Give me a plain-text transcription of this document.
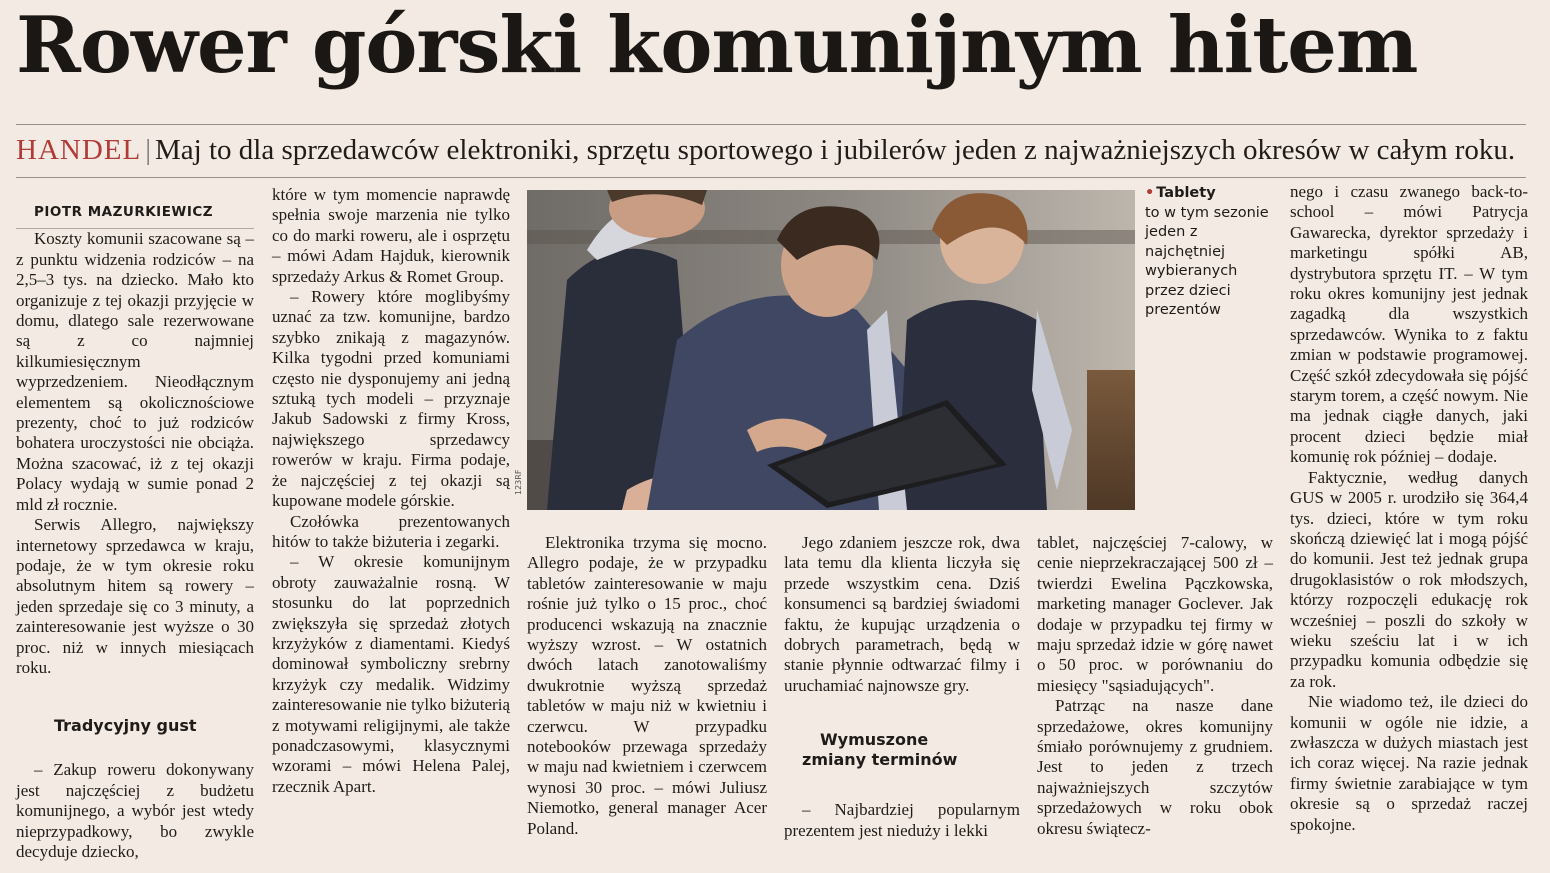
Rower górski komunijnym hitem
HANDEL | Maj to dla sprzedawców elektroniki, sprzętu sportowego i jubilerów jeden z najważniejszych okresów w całym roku.

PIOTR MAZURKIEWICZ

Koszty komunii szacowane są – z punktu widzenia rodziców – na 2,5–3 tys. na dziecko. Mało kto organizuje z tej okazji przyjęcie w domu, dlatego sale rezerwowane są z co najmniej kilkumiesięcznym wyprzedzeniem. Nieodłącznym elementem są okolicznościowe prezenty, choć to już rodziców bohatera uroczystości nie obciąża. Można szacować, iż z tej okazji Polacy wydają w sumie ponad 2 mld zł rocznie.

Serwis Allegro, największy internetowy sprzedawca w kraju, podaje, że w tym okresie roku absolutnym hitem są rowery – jeden sprzedaje się co 3 minuty, a zainteresowanie jest wyższe o 30 proc. niż w innych miesiącach roku.

Tradycyjny gust

– Zakup roweru dokonywany jest najczęściej z budżetu komunijnego, a wybór jest wtedy nieprzypadkowy, bo zwykle decyduje dziecko,

które w tym momencie naprawdę spełnia swoje marzenia nie tylko co do marki roweru, ale i osprzętu – mówi Adam Hajduk, kierownik sprzedaży Arkus & Romet Group.

– Rowery które moglibyśmy uznać za tzw. komunijne, bardzo szybko znikają z magazynów. Kilka tygodni przed komuniami często nie dysponujemy ani jedną sztuką tych modeli – przyznaje Jakub Sadowski z firmy Kross, największego sprzedawcy rowerów w kraju. Firma podaje, że najczęściej z tej okazji są kupowane modele górskie.

Czołówka prezentowanych hitów to także biżuteria i zegarki.

– W okresie komunijnym obroty zauważalnie rosną. W stosunku do lat poprzednich zwiększyła się sprzedaż złotych krzyżyków z diamentami. Kiedyś dominował symboliczny srebrny krzyżyk czy medalik. Widzimy zainteresowanie nie tylko biżuterią z motywami religijnymi, ale także ponadczasowymi, klasycznymi wzorami – mówi Helena Palej, rzecznik Apart.

123RF
• Tablety
to w tym sezonie jeden z najchętniej wybieranych przez dzieci prezentów

Elektronika trzyma się mocno. Allegro podaje, że w przypadku tabletów zainteresowanie w maju rośnie już tylko o 15 proc., choć producenci wskazują na znacznie wyższy wzrost. – W ostatnich dwóch latach zanotowaliśmy dwukrotnie wyższą sprzedaż tabletów w maju niż w kwietniu i czerwcu. W przypadku notebooków przewaga sprzedaży w maju nad kwietniem i czerwcem wynosi 30 proc. – mówi Juliusz Niemotko, general manager Acer Poland.

Jego zdaniem jeszcze rok, dwa lata temu dla klienta liczyła się przede wszystkim cena. Dziś konsumenci są bardziej świadomi faktu, że kupując urządzenia o dobrych parametrach, będą w stanie płynnie odtwarzać filmy i uruchamiać najnowsze gry.

Wymuszone zmiany terminów

– Najbardziej popularnym prezentem jest nieduży i lekki

tablet, najczęściej 7-calowy, w cenie nieprzekraczającej 500 zł – twierdzi Ewelina Pączkowska, marketing manager Goclever. Jak dodaje w przypadku tej firmy w maju sprzedaż idzie w górę nawet o 50 proc. w porównaniu do miesięcy "sąsiadujących".

Patrząc na nasze dane sprzedażowe, okres komunijny śmiało porównujemy z grudniem. Jest to jeden z trzech najważniejszych szczytów sprzedażowych w roku obok okresu świątecz-

nego i czasu zwanego back-to-school – mówi Patrycja Gawarecka, dyrektor sprzedaży i marketingu spółki AB, dystrybutora sprzętu IT. – W tym roku okres komunijny jest jednak zagadką dla wszystkich sprzedawców. Wynika to z faktu zmian w podstawie programowej. Część szkół zdecydowała się pójść starym torem, a część nowym. Nie ma jednak ciągłe danych, jaki procent dzieci będzie miał komunię rok później – dodaje.

Faktycznie, według danych GUS w 2005 r. urodziło się 364,4 tys. dzieci, które w tym roku skończą dziewięć lat i mogą pójść do komunii. Jest też jednak grupa drugoklasistów o rok młodszych, którzy rozpoczęli edukację rok wcześniej – poszli do szkoły w wieku sześciu lat i w ich przypadku komunia odbędzie się za rok.

Nie wiadomo też, ile dzieci do komunii w ogóle nie idzie, a zwłaszcza w dużych miastach jest ich coraz więcej. Na razie jednak firmy świetnie zarabiające w tym okresie są o sprzedaż raczej spokojne.
